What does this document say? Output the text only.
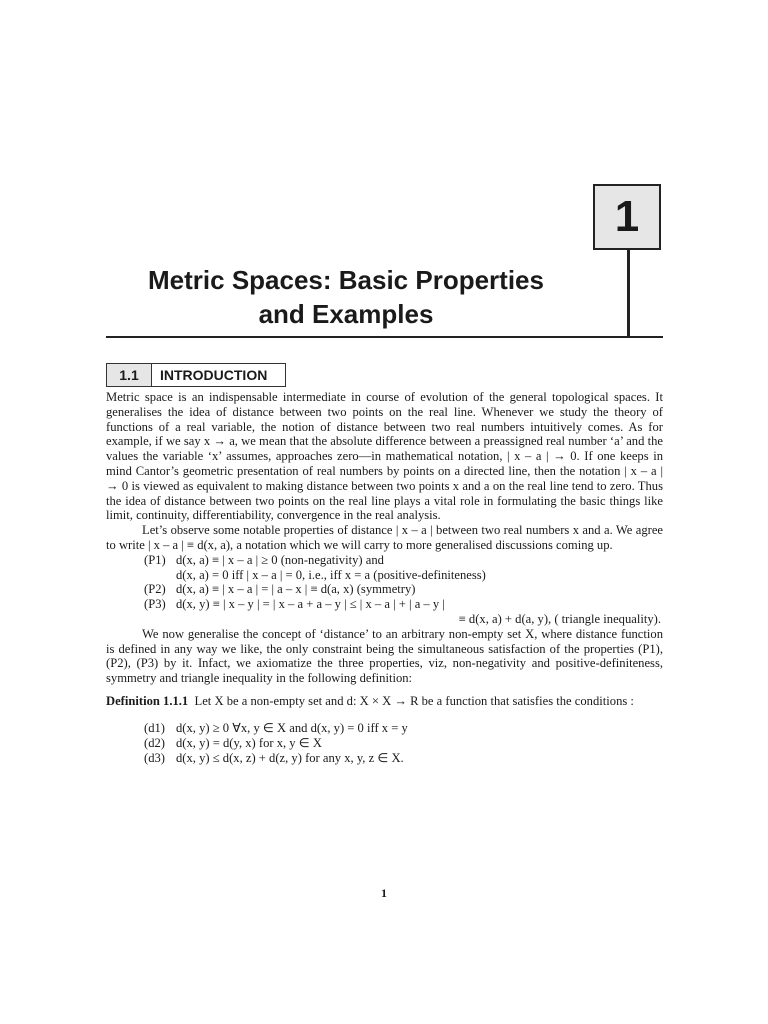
1
Metric Spaces: Basic Properties
and Examples
1.1	INTRODUCTION

Metric space is an indispensable intermediate in course of evolution of the general topological spaces. It generalises the idea of distance between two points on the real line. Whenever we study the theory of functions of a real variable, the notion of distance between two real numbers intuitively comes. As for example, if we say x → a, we mean that the absolute difference between a preassigned real number ‘a’ and the values the variable ‘x’ assumes, approaches zero—in mathematical notation, | x – a | → 0. If one keeps in mind Cantor’s geometric presentation of real numbers by points on a directed line, then the notation | x – a | → 0 is viewed as equivalent to making distance between two points x and a on the real line tend to zero. Thus the idea of distance between two points on the real line plays a vital role in formulating the basic things like limit, continuity, differentiability, convergence in the real analysis.

Let’s observe some notable properties of distance | x – a | between two real numbers x and a. We agree to write | x – a | ≡ d(x, a), a notation which we will carry to more generalised discussions coming up.

(P1) d(x, a) ≡ | x – a | ≥ 0 (non-negativity) and
d(x, a) = 0 iff | x – a | = 0, i.e., iff x = a (positive-definiteness)
(P2) d(x, a) ≡ | x – a | = | a – x | ≡ d(a, x) (symmetry)
(P3) d(x, y) ≡ | x – y | = | x – a + a – y | ≤ | x – a | + | a – y |
≡ d(x, a) + d(a, y), ( triangle inequality).

We now generalise the concept of ‘distance’ to an arbitrary non-empty set X, where distance function is defined in any way we like, the only constraint being the simultaneous satisfaction of the properties (P1), (P2), (P3) by it. Infact, we axiomatize the three properties, viz, non-negativity and positive-definiteness, symmetry and triangle inequality in the following definition:

Definition 1.1.1 Let X be a non-empty set and d: X × X → R be a function that satisfies the conditions :

(d1) d(x, y) ≥ 0 ∀x, y ∈ X and d(x, y) = 0 iff x = y
(d2) d(x, y) = d(y, x) for x, y ∈ X
(d3) d(x, y) ≤ d(x, z) + d(z, y) for any x, y, z ∈ X.
1
